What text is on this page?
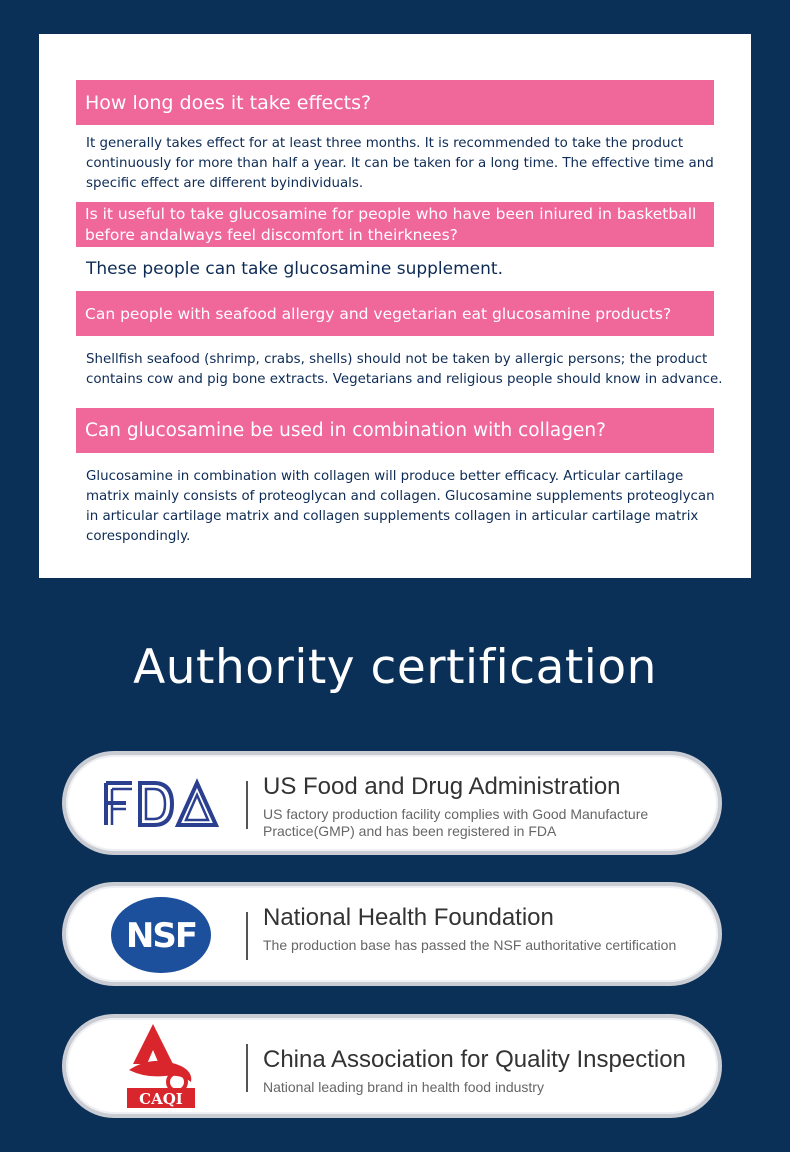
How long does it take effects?
It generally takes effect for at least three months. It is recommended to take the product continuously for more than half a year. It can be taken for a long time. The effective time and specific effect are different byindividuals.
Is it useful to take glucosamine for people who have been iniured in basketball before andalways feel discomfort in theirknees?
These people can take glucosamine supplement.
Can people with seafood allergy and vegetarian eat glucosamine products?
Shellfish seafood (shrimp, crabs, shells) should not be taken by allergic persons; the product contains cow and pig bone extracts. Vegetarians and religious people should know in advance.
Can glucosamine be used in combination with collagen?
Glucosamine in combination with collagen will produce better efficacy. Articular cartilage matrix mainly consists of proteoglycan and collagen. Glucosamine supplements proteoglycan in articular cartilage matrix and collagen supplements collagen in articular cartilage matrix corespondingly.
Authority certification
FDA	US Food and Drug Administration
US factory production facility complies with Good Manufacture Practice(GMP) and has been registered in FDA
NSF	National Health Foundation
The production base has passed the NSF authoritative certification
CAQI
China Association for Quality Inspection
National leading brand in health food industry
